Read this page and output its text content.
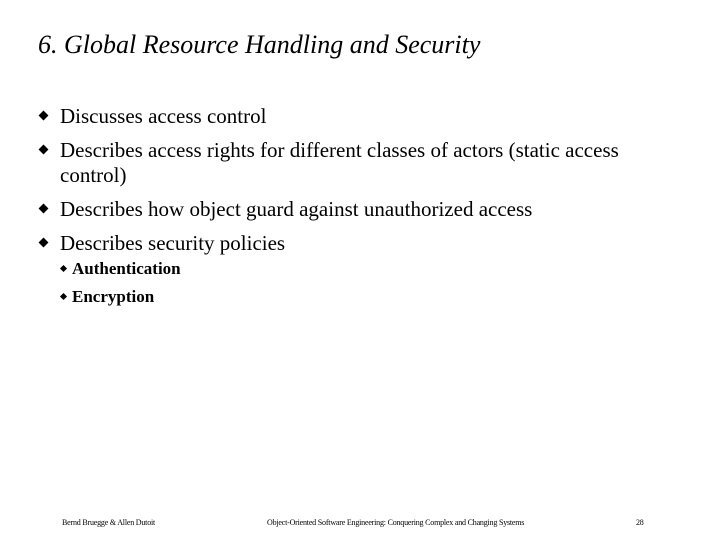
6. Global Resource Handling and Security
Discusses access control
Describes access rights for different classes of actors (static access control)
Describes how object guard against unauthorized access
Describes security policies
Authentication
Encryption
Bernd Bruegge & Allen Dutoit	Object-Oriented Software Engineering: Conquering Complex and Changing Systems	28
